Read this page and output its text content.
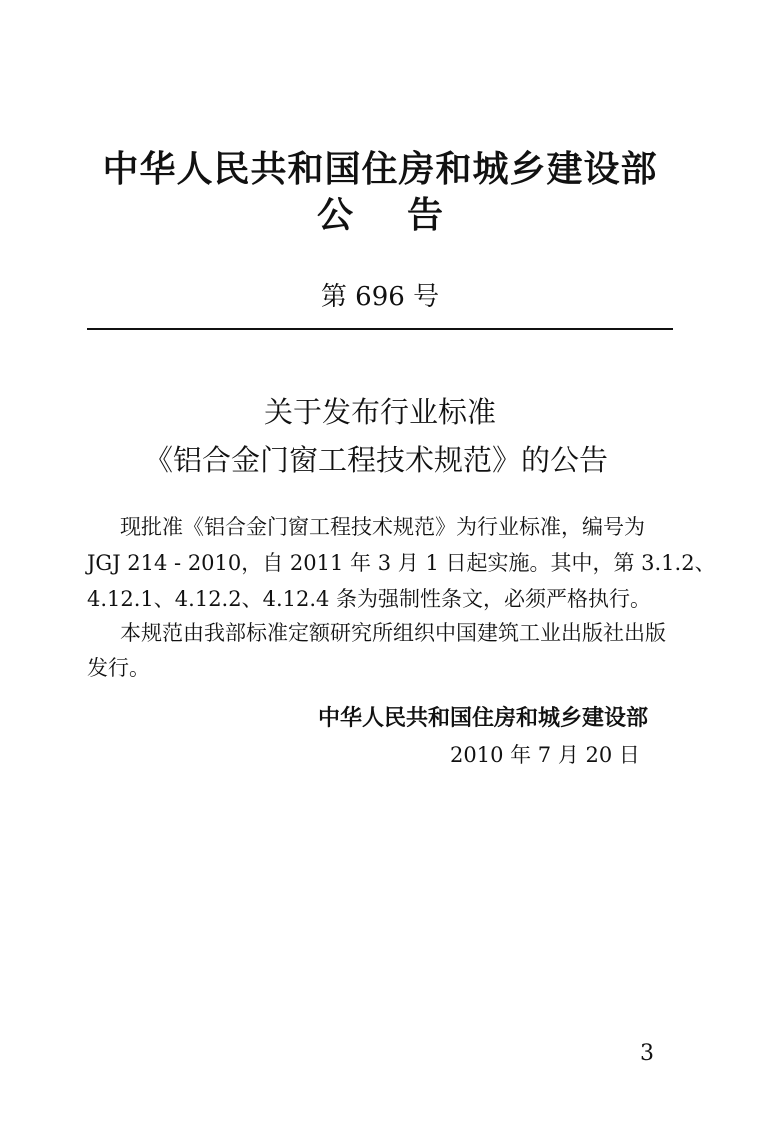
中华人民共和国住房和城乡建设部
公告
第 696 号
关于发布行业标准
《铝合金门窗工程技术规范》的公告
现批准《铝合金门窗工程技术规范》为行业标准，编号为
JGJ 214 - 2010，自 2011 年 3 月 1 日起实施。其中，第 3.1.2、
4.12.1、4.12.2、4.12.4 条为强制性条文，必须严格执行。
本规范由我部标准定额研究所组织中国建筑工业出版社出版
发行。
中华人民共和国住房和城乡建设部
2010 年 7 月 20 日
3
